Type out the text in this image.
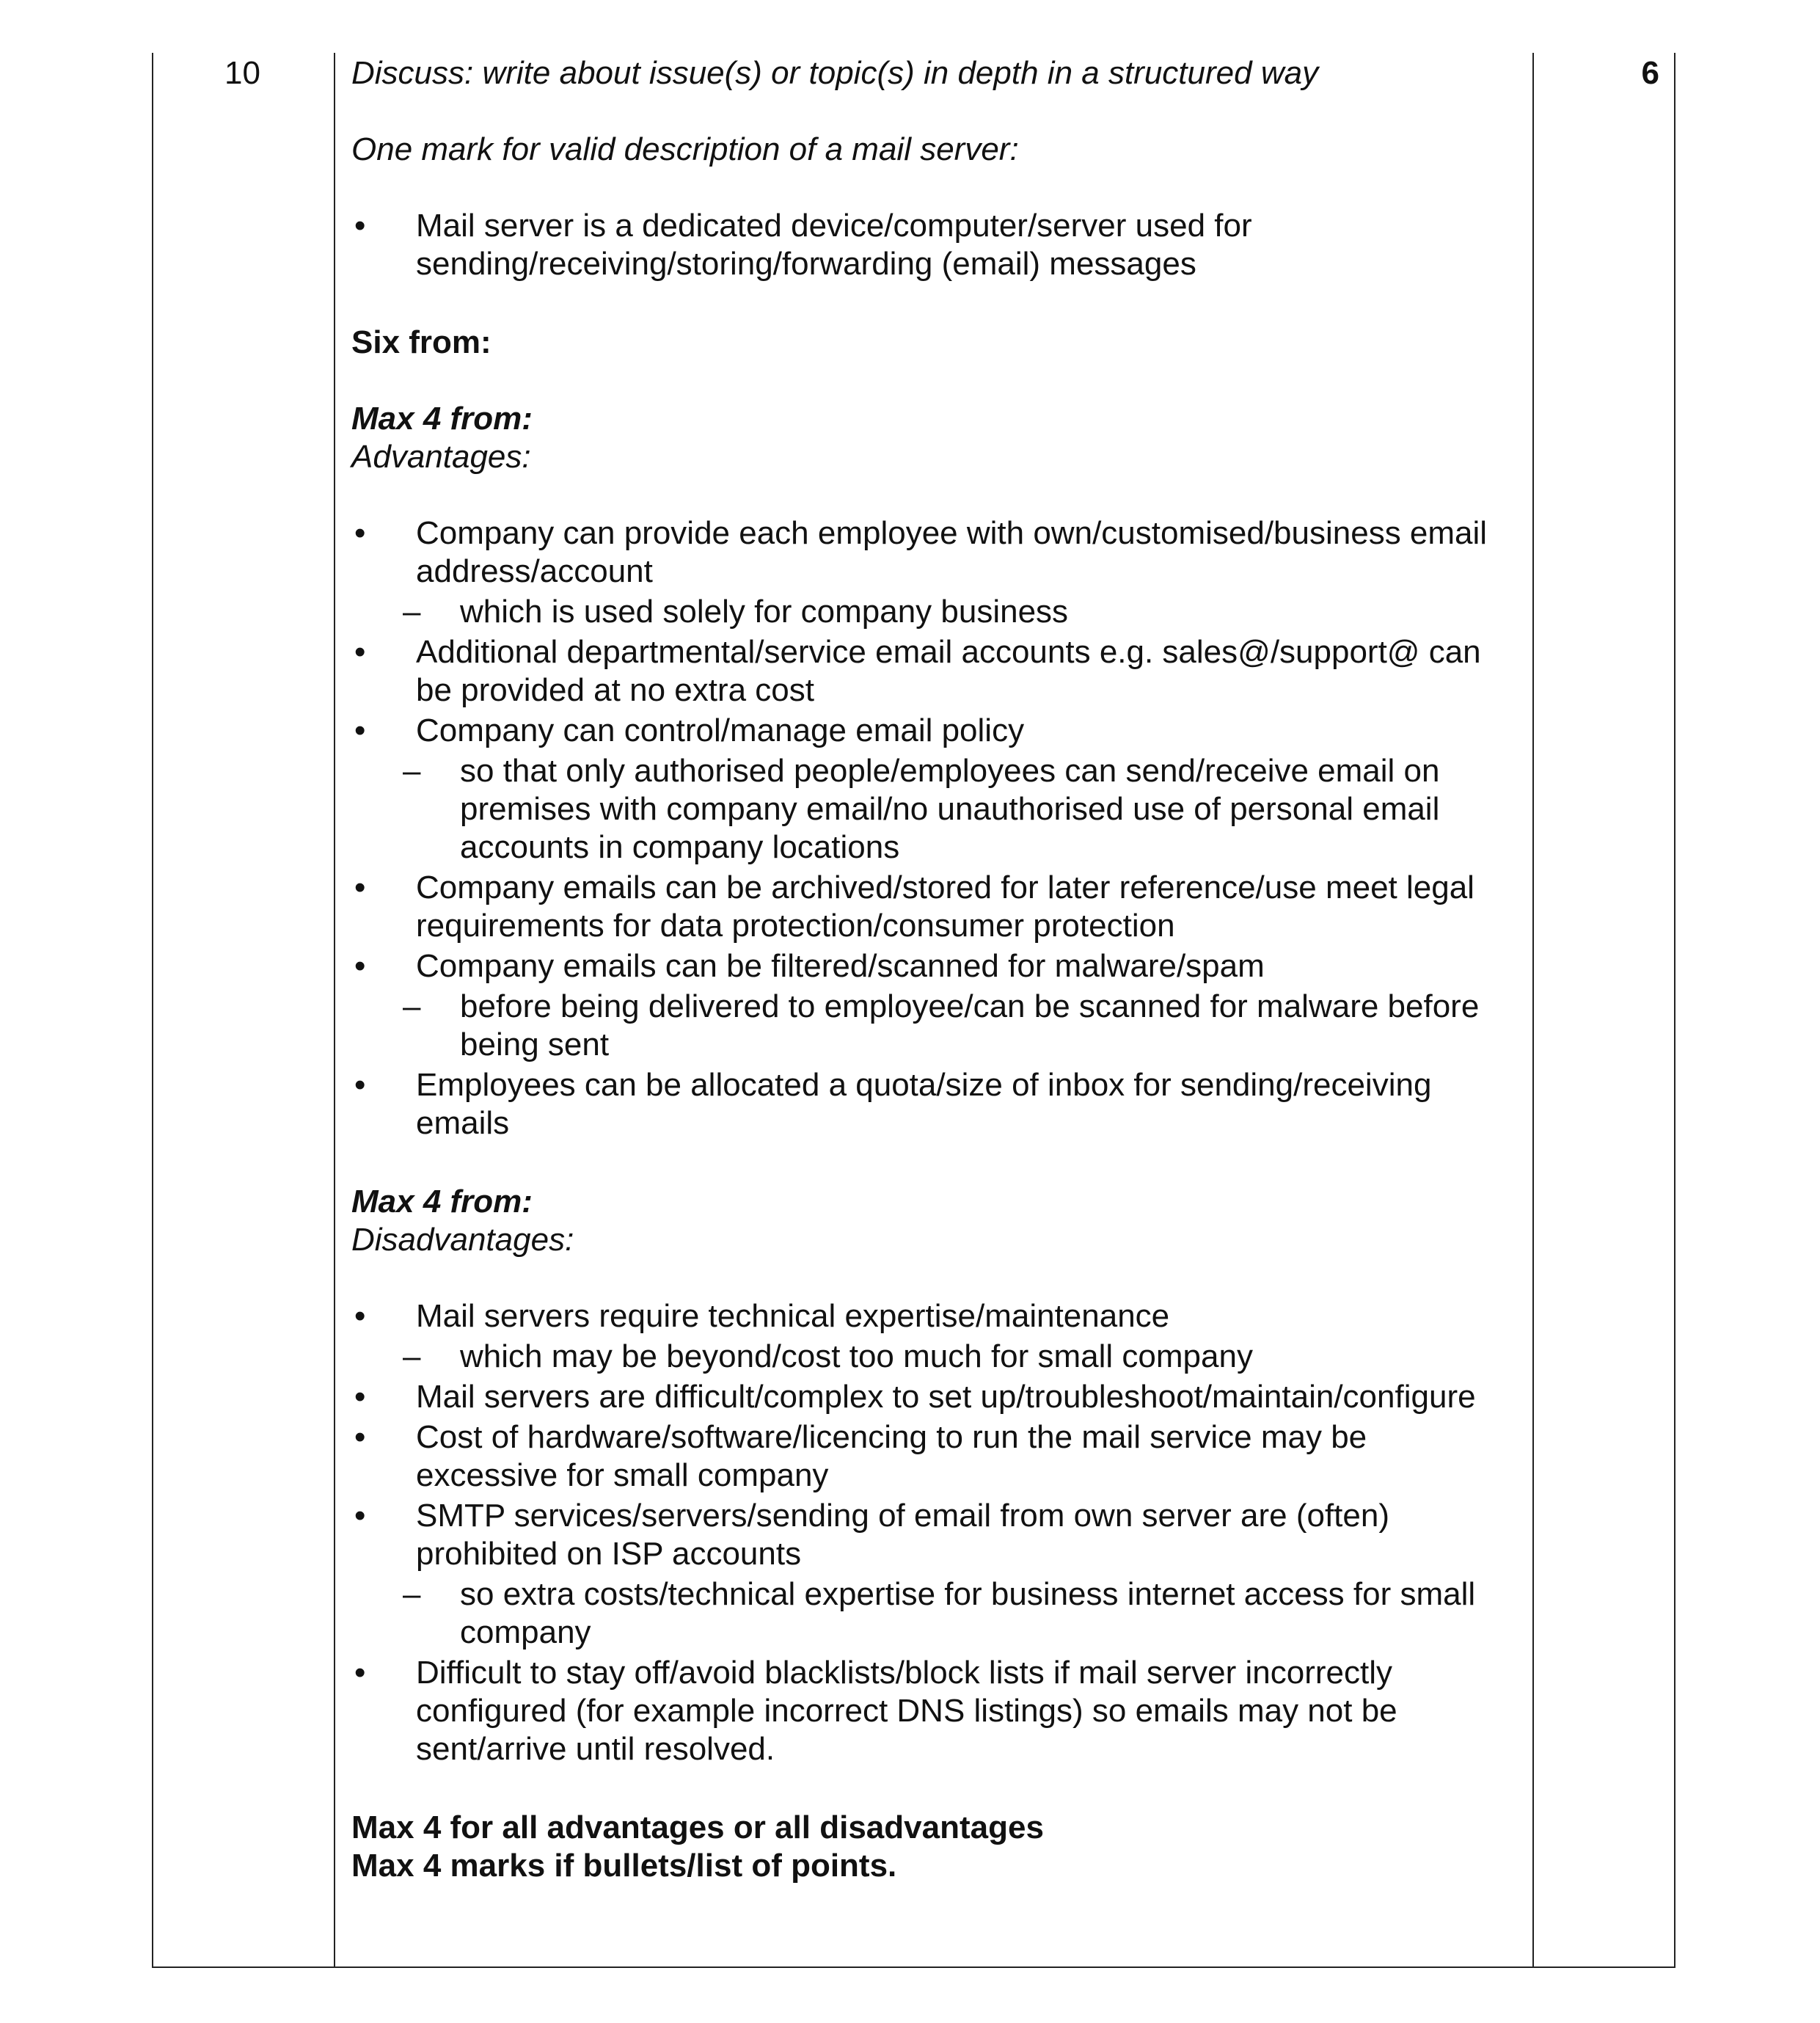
10	6

Discuss: write about issue(s) or topic(s) in depth in a structured way

One mark for valid description of a mail server:

• Mail server is a dedicated device/computer/server used for sending/receiving/storing/forwarding (email) messages

Six from:

Max 4 from:

Advantages:

• Company can provide each employee with own/customised/business email address/account
– which is used solely for company business
• Additional departmental/service email accounts e.g. sales@/support@ can be provided at no extra cost
• Company can control/manage email policy
– so that only authorised people/employees can send/receive email on premises with company email/no unauthorised use of personal email accounts in company locations
• Company emails can be archived/stored for later reference/use meet legal requirements for data protection/consumer protection
• Company emails can be filtered/scanned for malware/spam
– before being delivered to employee/can be scanned for malware before being sent
• Employees can be allocated a quota/size of inbox for sending/receiving emails

Max 4 from:

Disadvantages:

• Mail servers require technical expertise/maintenance
– which may be beyond/cost too much for small company
• Mail servers are difficult/complex to set up/troubleshoot/maintain/configure
• Cost of hardware/software/licencing to run the mail service may be excessive for small company
• SMTP services/servers/sending of email from own server are (often) prohibited on ISP accounts
– so extra costs/technical expertise for business internet access for small company
• Difficult to stay off/avoid blacklists/block lists if mail server incorrectly configured (for example incorrect DNS listings) so emails may not be sent/arrive until resolved.

Max 4 for all advantages or all disadvantages

Max 4 marks if bullets/list of points.
